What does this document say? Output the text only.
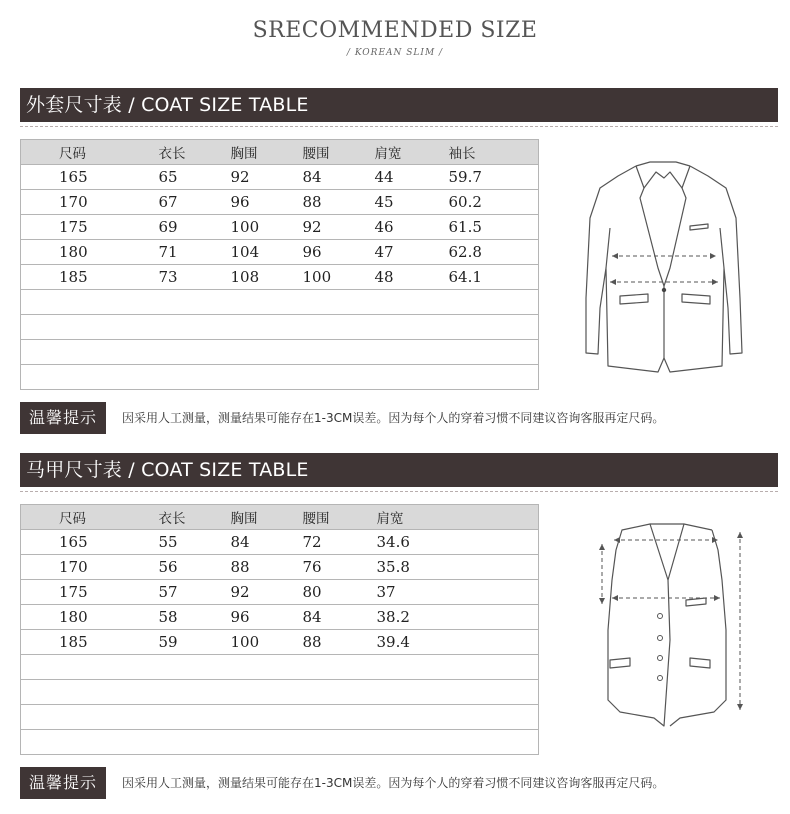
SRECOMMENDED SIZE
/ KOREAN SLIM /
外套尺寸表 / COAT SIZE TABLE
尺码	衣长	胸围	腰围	肩宽	袖长
165	65	92	84	44	59.7
170	67	96	88	45	60.2
175	69	100	92	46	61.5
180	71	104	96	47	62.8
185	73	108	100	48	64.1

温馨提示	因采用人工测量，测量结果可能存在1-3CM误差。因为每个人的穿着习惯不同建议咨询客服再定尺码。
马甲尺寸表 / COAT SIZE TABLE
尺码	衣长	胸围	腰围	肩宽
165	55	84	72	34.6
170	56	88	76	35.8
175	57	92	80	37
180	58	96	84	38.2
185	59	100	88	39.4

温馨提示	因采用人工测量，测量结果可能存在1-3CM误差。因为每个人的穿着习惯不同建议咨询客服再定尺码。
